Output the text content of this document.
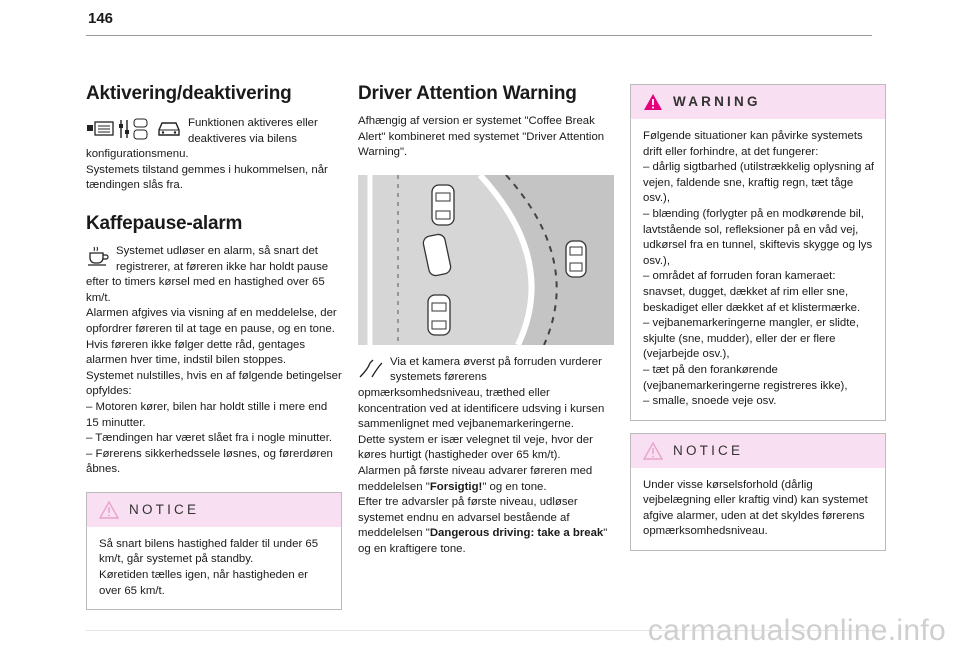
146
Aktivering/deaktivering

Funktionen aktiveres eller deaktiveres via bilens konfigurationsmenu.
Systemets tilstand gemmes i hukommelsen, når tændingen slås fra.

Kaffepause-alarm

Systemet udløser en alarm, så snart det registrerer, at føreren ikke har holdt pause efter to timers kørsel med en hastighed over 65 km/t.
Alarmen afgives via visning af en meddelelse, der opfordrer føreren til at tage en pause, og en tone.
Hvis føreren ikke følger dette råd, gentages alarmen hver time, indstil bilen stoppes.
Systemet nulstilles, hvis en af følgende betingelser opfyldes:
– Motoren kører, bilen har holdt stille i mere end 15 minutter.
– Tændingen har været slået fra i nogle minutter.
– Førerens sikkerhedssele løsnes, og førerdøren åbnes.

NOTICE

Så snart bilens hastighed falder til under 65 km/t, går systemet på standby.
Køretiden tælles igen, når hastigheden er over 65 km/t.

Driver Attention Warning

Afhængig af version er systemet "Coffee Break Alert" kombineret med systemet "Driver Attention Warning".

Via et kamera øverst på forruden vurderer systemets førerens opmærksomhedsniveau, træthed eller koncentration ved at identificere udsving i kursen sammenlignet med vejbanemarkeringerne.
Dette system er især velegnet til veje, hvor der køres hurtigt (hastigheder over 65 km/t).
Alarmen på første niveau advarer føreren med meddelelsen "Forsigtig!" og en tone.
Efter tre advarsler på første niveau, udløser systemet endnu en advarsel bestående af meddelelsen "Dangerous driving: take a break" og en kraftigere tone.

WARNING

Følgende situationer kan påvirke systemets drift eller forhindre, at det fungerer:
– dårlig sigtbarhed (utilstrækkelig oplysning af vejen, faldende sne, kraftig regn, tæt tåge osv.),
– blænding (forlygter på en modkørende bil, lavtstående sol, refleksioner på en våd vej, udkørsel fra en tunnel, skiftevis skygge og lys osv.),
– området af forruden foran kameraet: snavset, dugget, dækket af rim eller sne, beskadiget eller dækket af et klistermærke.
– vejbanemarkeringerne mangler, er slidte, skjulte (sne, mudder), eller der er flere (vejarbejde osv.),
– tæt på den forankørende (vejbanemarkeringerne registreres ikke),
– smalle, snoede veje osv.

NOTICE

Under visse kørselsforhold (dårlig vejbelægning eller kraftig vind) kan systemet afgive alarmer, uden at det skyldes førerens opmærksomhedsniveau.

carmanualsonline.info
